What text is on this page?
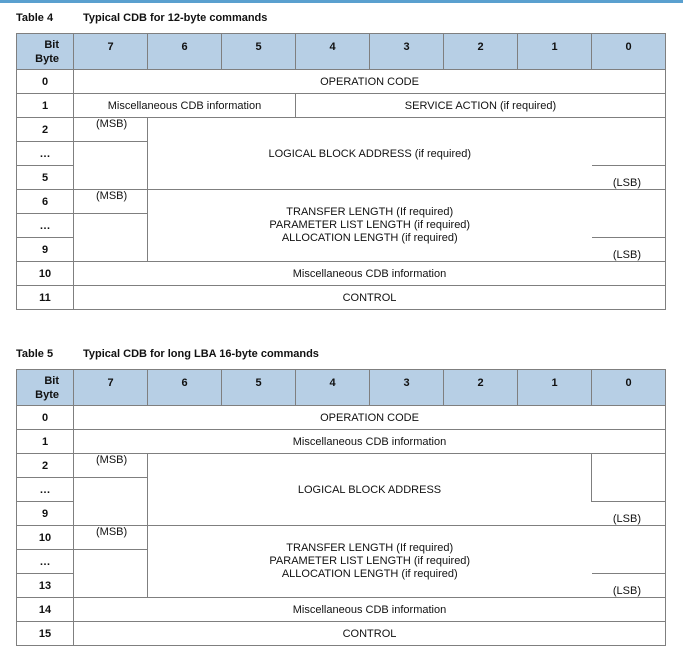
Table 4	Typical CDB for 12-byte commands
Bit
Byte	7	6	5	4	3	2	1	0
0	OPERATION CODE							
1	Miscellaneous CDB information			SERVICE ACTION (if required)				
2	(MSB)	LOGICAL BLOCK ADDRESS (if required)						
…								
5								(LSB)
6	(MSB)	TRANSFER LENGTH (If required)
PARAMETER LIST LENGTH (if required)
ALLOCATION LENGTH (if required)						
…								
9								(LSB)
10	Miscellaneous CDB information							
11	CONTROL							
Table 5	Typical CDB for long LBA 16-byte commands
Bit
Byte	7	6	5	4	3	2	1	0
0	OPERATION CODE							
1	Miscellaneous CDB information							
2	(MSB)	LOGICAL BLOCK ADDRESS						
…								
9								(LSB)
10	(MSB)	TRANSFER LENGTH (If required)
PARAMETER LIST LENGTH (if required)
ALLOCATION LENGTH (if required)						
…								
13								(LSB)
14	Miscellaneous CDB information							
15	CONTROL							
